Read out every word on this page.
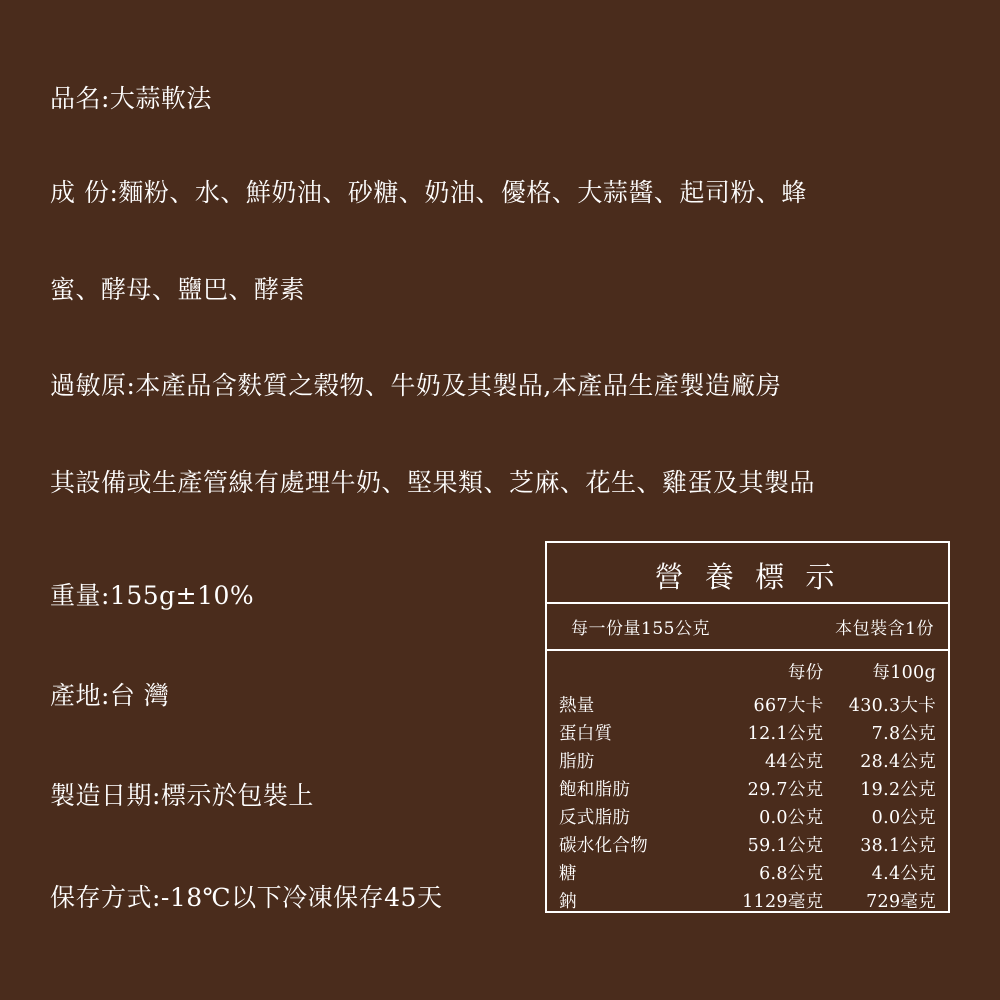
品名:大蒜軟法
成 份:麵粉、水、鮮奶油、砂糖、奶油、優格、大蒜醬、起司粉、蜂
蜜、酵母、鹽巴、酵素
過敏原:本產品含麩質之榖物、牛奶及其製品,本產品生產製造廠房
其設備或生產管線有處理牛奶、堅果類、芝麻、花生、雞蛋及其製品
重量:155g±10%
產地:台 灣
製造日期:標示於包裝上
保存方式:-18℃以下冷凍保存45天
營 養 標 示
每一份量155公克	本包裝含1份
	每份	每100g
熱量	667大卡	430.3大卡
蛋白質	12.1公克	7.8公克
脂肪	44公克	28.4公克
飽和脂肪	29.7公克	19.2公克
反式脂肪	0.0公克	0.0公克
碳水化合物	59.1公克	38.1公克
糖	6.8公克	4.4公克
鈉	1129毫克	729毫克
